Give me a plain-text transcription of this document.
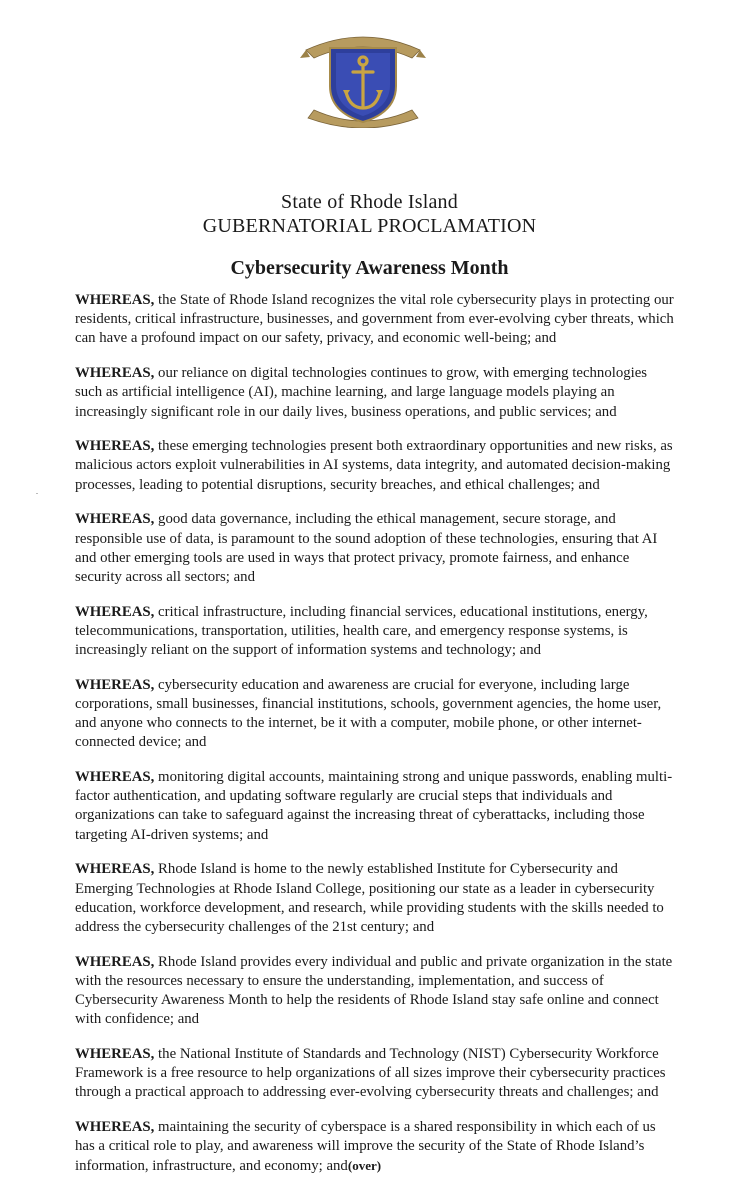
State of Rhode Island
GUBERNATORIAL PROCLAMATION
Cybersecurity Awareness Month

WHEREAS, the State of Rhode Island recognizes the vital role cybersecurity plays in protecting our residents, critical infrastructure, businesses, and government from ever-evolving cyber threats, which can have a profound impact on our safety, privacy, and economic well-being; and

WHEREAS, our reliance on digital technologies continues to grow, with emerging technologies such as artificial intelligence (AI), machine learning, and large language models playing an increasingly significant role in our daily lives, business operations, and public services; and

WHEREAS, these emerging technologies present both extraordinary opportunities and new risks, as malicious actors exploit vulnerabilities in AI systems, data integrity, and automated decision-making processes, leading to potential disruptions, security breaches, and ethical challenges; and

WHEREAS, good data governance, including the ethical management, secure storage, and responsible use of data, is paramount to the sound adoption of these technologies, ensuring that AI and other emerging tools are used in ways that protect privacy, promote fairness, and enhance security across all sectors; and

WHEREAS, critical infrastructure, including financial services, educational institutions, energy, telecommunications, transportation, utilities, health care, and emergency response systems, is increasingly reliant on the support of information systems and technology; and

WHEREAS, cybersecurity education and awareness are crucial for everyone, including large corporations, small businesses, financial institutions, schools, government agencies, the home user, and anyone who connects to the internet, be it with a computer, mobile phone, or other internet-connected device; and

WHEREAS, monitoring digital accounts, maintaining strong and unique passwords, enabling multi-factor authentication, and updating software regularly are crucial steps that individuals and organizations can take to safeguard against the increasing threat of cyberattacks, including those targeting AI-driven systems; and

WHEREAS, Rhode Island is home to the newly established Institute for Cybersecurity and Emerging Technologies at Rhode Island College, positioning our state as a leader in cybersecurity education, workforce development, and research, while providing students with the skills needed to address the cybersecurity challenges of the 21st century; and

WHEREAS, Rhode Island provides every individual and public and private organization in the state with the resources necessary to ensure the understanding, implementation, and success of Cybersecurity Awareness Month to help the residents of Rhode Island stay safe online and connect with confidence; and

WHEREAS, the National Institute of Standards and Technology (NIST) Cybersecurity Workforce Framework is a free resource to help organizations of all sizes improve their cybersecurity practices through a practical approach to addressing ever-evolving cybersecurity threats and challenges; and

WHEREAS, maintaining the security of cyberspace is a shared responsibility in which each of us has a critical role to play, and awareness will improve the security of the State of Rhode Island’s information, infrastructure, and economy; and (over)
